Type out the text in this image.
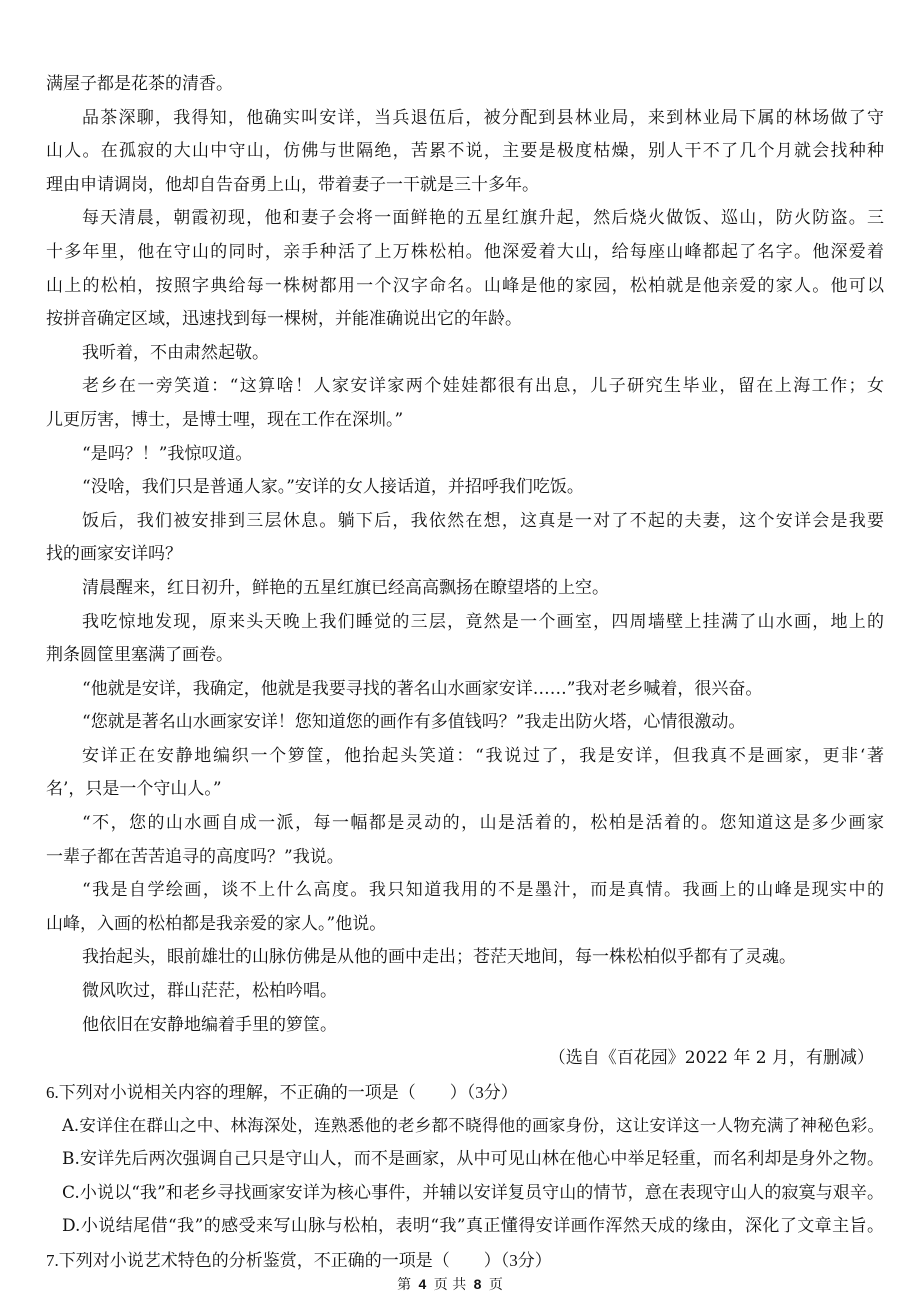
满屋子都是花茶的清香。
品茶深聊，我得知，他确实叫安详，当兵退伍后，被分配到县林业局，来到林业局下属的林场做了守
山人。在孤寂的大山中守山，仿佛与世隔绝，苦累不说，主要是极度枯燥，别人干不了几个月就会找种种
理由申请调岗，他却自告奋勇上山，带着妻子一干就是三十多年。
每天清晨，朝霞初现，他和妻子会将一面鲜艳的五星红旗升起，然后烧火做饭、巡山，防火防盗。三
十多年里，他在守山的同时，亲手种活了上万株松柏。他深爱着大山，给每座山峰都起了名字。他深爱着
山上的松柏，按照字典给每一株树都用一个汉字命名。山峰是他的家园，松柏就是他亲爱的家人。他可以
按拼音确定区域，迅速找到每一棵树，并能准确说出它的年龄。
我听着，不由肃然起敬。
老乡在一旁笑道：“这算啥！人家安详家两个娃娃都很有出息，儿子研究生毕业，留在上海工作；女
儿更厉害，博士，是博士哩，现在工作在深圳。”
“是吗？！”我惊叹道。
“没啥，我们只是普通人家。”安详的女人接话道，并招呼我们吃饭。
饭后，我们被安排到三层休息。躺下后，我依然在想，这真是一对了不起的夫妻，这个安详会是我要
找的画家安详吗？
清晨醒来，红日初升，鲜艳的五星红旗已经高高飘扬在瞭望塔的上空。
我吃惊地发现，原来头天晚上我们睡觉的三层，竟然是一个画室，四周墙壁上挂满了山水画，地上的
荆条圆筐里塞满了画卷。
“他就是安详，我确定，他就是我要寻找的著名山水画家安详……”我对老乡喊着，很兴奋。
“您就是著名山水画家安详！您知道您的画作有多值钱吗？”我走出防火塔，心情很激动。
安详正在安静地编织一个箩筐，他抬起头笑道：“我说过了，我是安详，但我真不是画家，更非‘著
名’，只是一个守山人。”
“不，您的山水画自成一派，每一幅都是灵动的，山是活着的，松柏是活着的。您知道这是多少画家
一辈子都在苦苦追寻的高度吗？”我说。
“我是自学绘画，谈不上什么高度。我只知道我用的不是墨汁，而是真情。我画上的山峰是现实中的
山峰，入画的松柏都是我亲爱的家人。”他说。
我抬起头，眼前雄壮的山脉仿佛是从他的画中走出；苍茫天地间，每一株松柏似乎都有了灵魂。
微风吹过，群山茫茫，松柏吟唱。
他依旧在安静地编着手里的箩筐。
（选自《百花园》2022 年 2 月，有删减）
6.下列对小说相关内容的理解，不正确的一项是（　　）（3分）
A.安详住在群山之中、林海深处，连熟悉他的老乡都不晓得他的画家身份，这让安详这一人物充满了神秘色彩。
B.安详先后两次强调自己只是守山人，而不是画家，从中可见山林在他心中举足轻重，而名利却是身外之物。
C.小说以“我”和老乡寻找画家安详为核心事件，并辅以安详复员守山的情节，意在表现守山人的寂寞与艰辛。
D.小说结尾借“我”的感受来写山脉与松柏，表明“我”真正懂得安详画作浑然天成的缘由，深化了文章主旨。
7.下列对小说艺术特色的分析鉴赏，不正确的一项是（　　）（3分）
第 4 页 共 8 页
